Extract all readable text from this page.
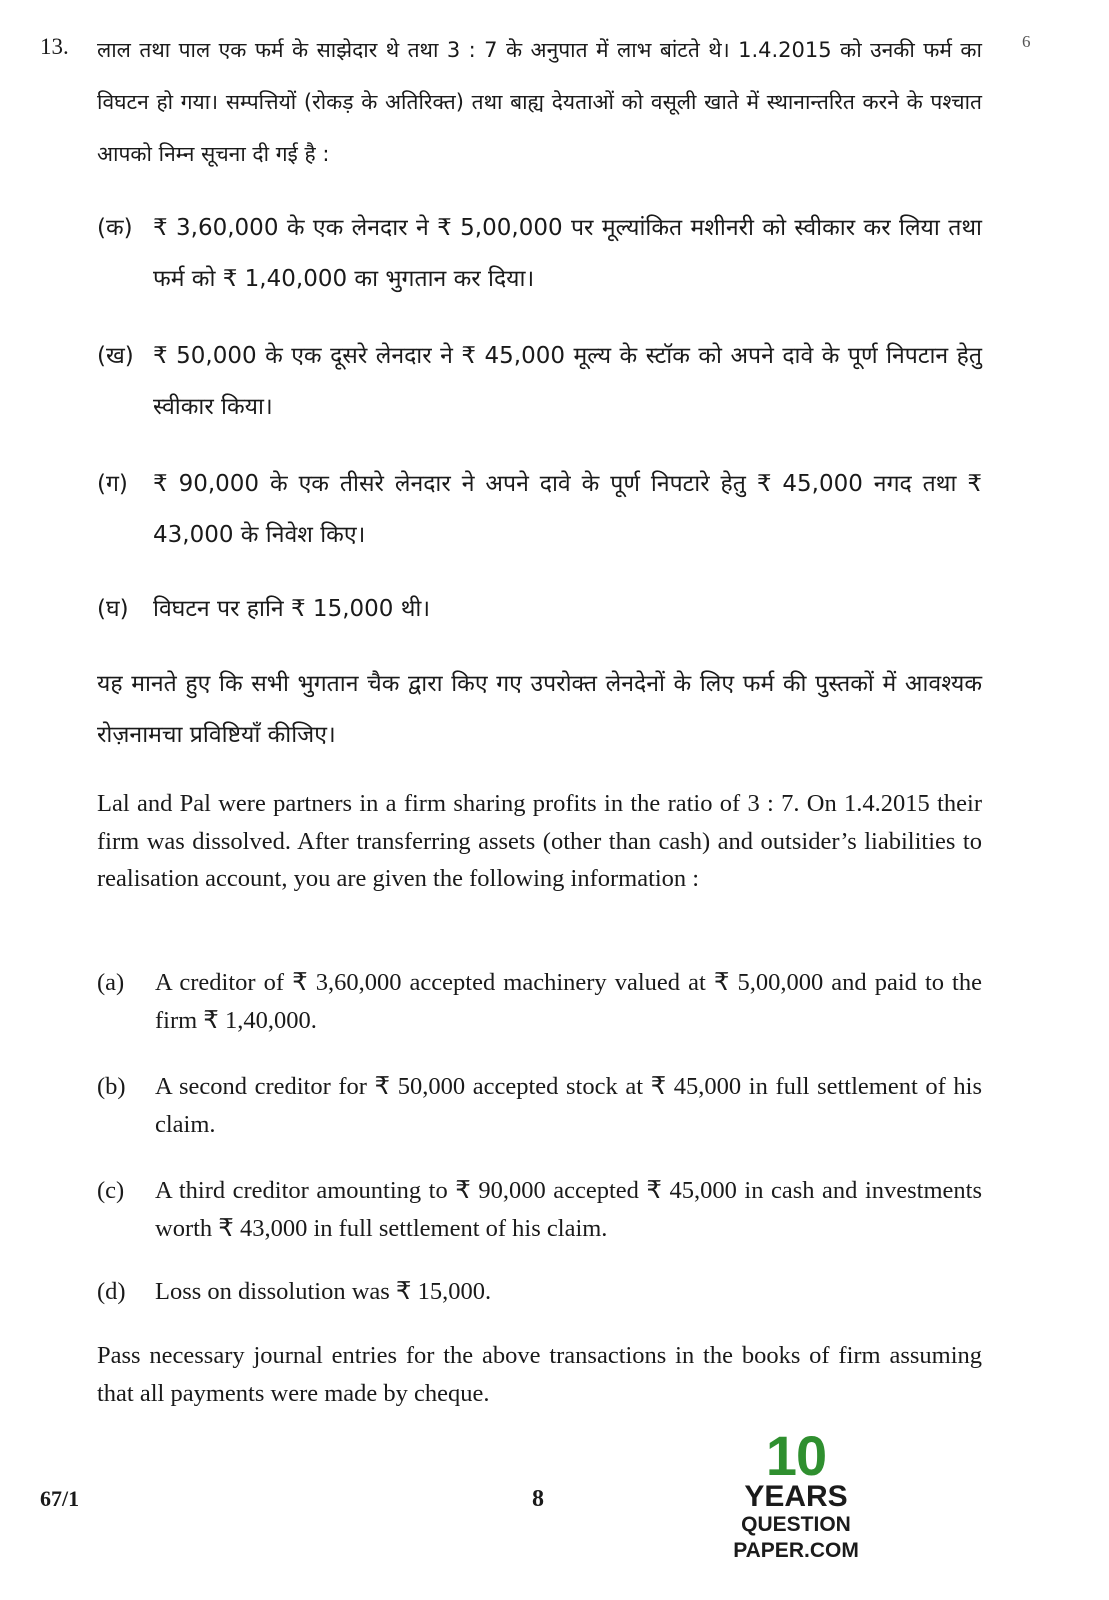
13.	6
लाल तथा पाल एक फर्म के साझेदार थे तथा 3 : 7 के अनुपात में लाभ बांटते थे। 1.4.2015 को उनकी फर्म का विघटन हो गया। सम्पत्तियों (रोकड़ के अतिरिक्त) तथा बाह्य देयताओं को वसूली खाते में स्थानान्तरित करने के पश्चात आपको निम्न सूचना दी गई है :
(क) ₹ 3,60,000 के एक लेनदार ने ₹ 5,00,000 पर मूल्यांकित मशीनरी को स्वीकार कर लिया तथा फर्म को ₹ 1,40,000 का भुगतान कर दिया।
(ख) ₹ 50,000 के एक दूसरे लेनदार ने ₹ 45,000 मूल्य के स्टॉक को अपने दावे के पूर्ण निपटान हेतु स्वीकार किया।
(ग) ₹ 90,000 के एक तीसरे लेनदार ने अपने दावे के पूर्ण निपटारे हेतु ₹ 45,000 नगद तथा ₹ 43,000 के निवेश किए।
(घ) विघटन पर हानि ₹ 15,000 थी।
यह मानते हुए कि सभी भुगतान चैक द्वारा किए गए उपरोक्त लेनदेनों के लिए फर्म की पुस्तकों में आवश्यक रोज़नामचा प्रविष्टियाँ कीजिए।
Lal and Pal were partners in a firm sharing profits in the ratio of 3 : 7. On 1.4.2015 their firm was dissolved. After transferring assets (other than cash) and outsider’s liabilities to realisation account, you are given the following information :
(a) A creditor of ₹ 3,60,000 accepted machinery valued at ₹ 5,00,000 and paid to the firm ₹ 1,40,000.
(b) A second creditor for ₹ 50,000 accepted stock at ₹ 45,000 in full settlement of his claim.
(c) A third creditor amounting to ₹ 90,000 accepted ₹ 45,000 in cash and investments worth ₹ 43,000 in full settlement of his claim.
(d) Loss on dissolution was ₹ 15,000.
Pass necessary journal entries for the above transactions in the books of firm assuming that all payments were made by cheque.
67/1	8
10
YEARS
QUESTION PAPER.COM
